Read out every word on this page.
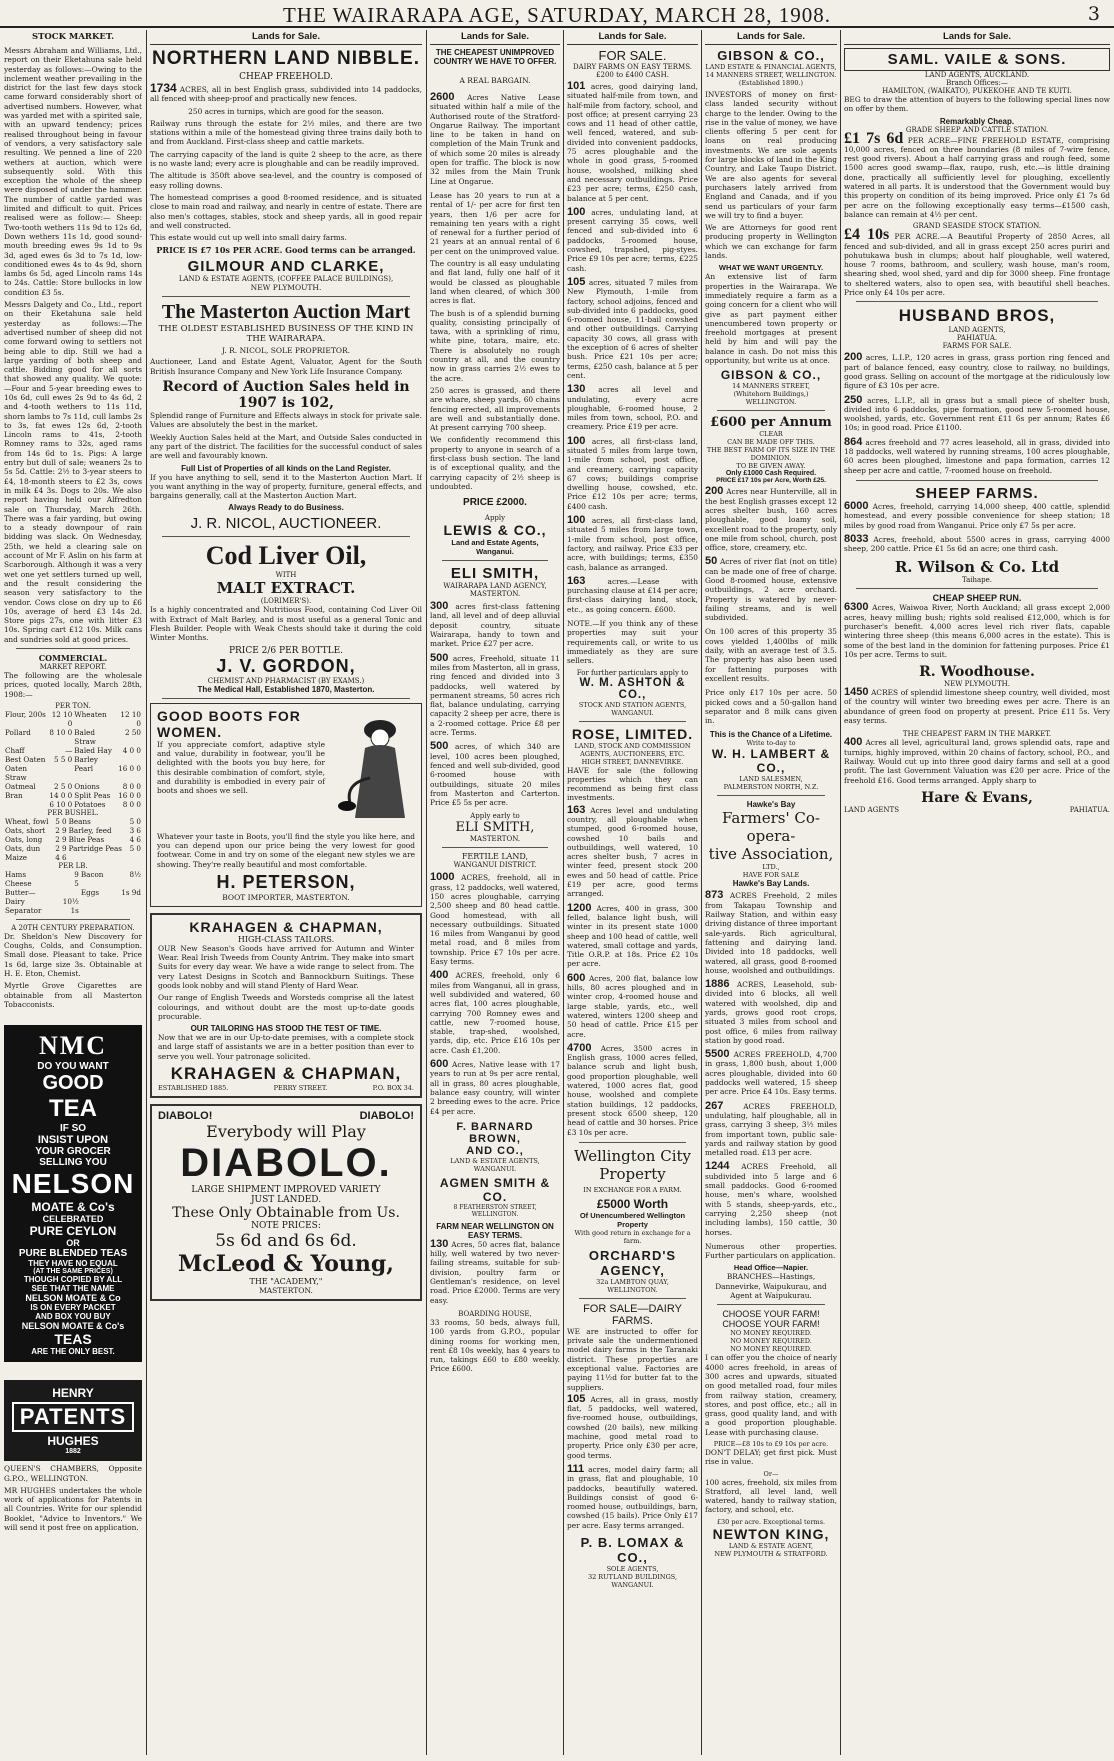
THE WAIRARAPA AGE, SATURDAY, MARCH 28, 1908.	3
STOCK MARKET.

Messrs Abraham and Williams, Ltd., report on their Eketahuna sale held yesterday as follows:—Owing to the inclement weather prevailing in the district for the last few days stock came forward considerably short of advertised numbers. However, what was yarded met with a spirited sale, with an upward tendency; prices realised throughout being in favour of vendors, a very satisfactory sale resulting. We penned a line of 220 wethers at auction, which were subsequently sold. With this exception the whole of the sheep were disposed of under the hammer. The number of cattle yarded was limited and difficult to quit. Prices realised were as follow:— Sheep: Two-tooth wethers 11s 9d to 12s 6d, Down wethers 11s 1d, good sound-mouth breeding ewes 9s 1d to 9s 3d, aged ewes 6s 3d to 7s 1d, low-conditioned ewes 4s to 4s 9d, shorn lambs 6s 5d, aged Lincoln rams 14s to 24s. Cattle: Store bullocks in low condition £3 5s.

Messrs Dalgety and Co., Ltd., report on their Eketahuna sale held yesterday as follows:—The advertised number of sheep did not come forward owing to settlers not being able to dip. Still we had a large yarding of both sheep and cattle. Bidding good for all sorts that showed any quality. We quote:—Four and 5-year breeding ewes to 10s 6d, cull ewes 2s 9d to 4s 6d, 2 and 4-tooth wethers to 11s 11d, shorn lambs to 7s 11d, cull lambs 2s to 3s, fat ewes 12s 6d, 2-tooth Lincoln rams to 41s, 2-tooth Romney rams to 32s, aged rams from 14s 6d to 1s. Pigs: A large entry but dull of sale; weaners 2s to 5s 5d. Cattle: 2½ to 3-year steers to £4, 18-month steers to £2 3s, cows in milk £4 3s. Dogs to 20s. We also report having held our Alfredton sale on Thursday, March 26th. There was a fair yarding, but owing to a steady downpour of rain bidding was slack. On Wednesday, 25th, we held a clearing sale on account of Mr F. Aslin on his farm at Scarborough. Although it was a very wet one yet settlers turned up well, and the result considering the season very satisfactory to the vendor. Cows close on dry up to £6 10s, average of herd £3 14s 2d. Store pigs 27s, one with litter £3 10s. Spring cart £12 10s. Milk cans and sundries sold at good prices.

COMMERCIAL.
MARKET REPORT.

The following are the wholesale prices, quoted locally, March 28th, 1908:—

PER TON.
Flour, 200s	12 10 0	Wheaten	12 10 0
Pollard	8 10 0	Baled Straw	2 50
Chaff	—	Baled Hay	4 0 0
Best Oaten	5 5 0	Barley	
Oaten Straw		Pearl	16 0 0
Oatmeal	2 5 0	Onions	8 0 0
Bran	14 0 0	Split Peas	16 0 0
	6 10 0	Potatoes	8 0 0
PER BUSHEL.
Wheat, fowl	5 0	Beans	5 0
Oats, short	2 9	Barley, feed	3 6
Oats, long	2 9	Blue Peas	4 6
Oats, dun	2 9	Partridge Peas	5 0
Maize	4 6		
PER LB.
Hams	9	Bacon	8½
Cheese	5		
Butter—		Eggs	1s 9d
Dairy	10½		
Separator	1s		
A 20TH CENTURY PREPARATION.

Dr. Sheldon's New Discovery for Coughs, Colds, and Consumption. Small dose. Pleasant to take. Price 1s 6d, large size 3s. Obtainable at H. E. Eton, Chemist.

Myrtle Grove Cigarettes are obtainable from all Masterton Tobacconists.

NMC
DO YOU WANT
GOOD
TEA
IF SO
INSIST UPON
YOUR GROCER
SELLING YOU
NELSON
MOATE & Co's
CELEBRATED
PURE CEYLON
OR
PURE BLENDED TEAS
THEY HAVE NO EQUAL
(AT THE SAME PRICES)
THOUGH COPIED BY ALL
SEE THAT THE NAME
NELSON MOATE & Co
IS ON EVERY PACKET
AND BOX YOU BUY
NELSON MOATE & Co's
TEAS
ARE THE ONLY BEST.
HENRY
PATENTS
HUGHES
1882

QUEEN'S CHAMBERS, Opposite G.P.O., WELLINGTON.

MR HUGHES undertakes the whole work of applications for Patents in all Countries. Write for our splendid Booklet, "Advice to Inventors." We will send it post free on application.

Lands for Sale.
NORTHERN LAND NIBBLE.
CHEAP FREEHOLD.

1734 ACRES, all in best English grass, subdivided into 14 paddocks, all fenced with sheep-proof and practically new fences.

250 acres in turnips, which are good for the season.

Railway runs through the estate for 2½ miles, and there are two stations within a mile of the homestead giving three trains daily both to and from Auckland. First-class sheep and cattle markets.

The carrying capacity of the land is quite 2 sheep to the acre, as there is no waste land; every acre is ploughable and can be readily improved.

The altitude is 350ft above sea-level, and the country is composed of easy rolling downs.

The homestead comprises a good 8-roomed residence, and is situated close to main road and railway, and nearly in centre of estate. There are also men's cottages, stables, stock and sheep yards, all in good repair and well constructed.

This estate would cut up well into small dairy farms.

PRICE IS £7 10s PER ACRE. Good terms can be arranged.
GILMOUR AND CLARKE,
LAND & ESTATE AGENTS, (COFFEE PALACE BUILDINGS),
NEW PLYMOUTH.
The Masterton Auction Mart
THE OLDEST ESTABLISHED BUSINESS OF THE KIND IN THE WAIRARAPA.
J. R. NICOL, SOLE PROPRIETOR.

Auctioneer, Land and Estate Agent, Valuator, Agent for the South British Insurance Company and New York Life Insurance Company.

Record of Auction Sales held in 1907 is 102,

Splendid range of Furniture and Effects always in stock for private sale. Values are absolutely the best in the market.

Weekly Auction Sales held at the Mart, and Outside Sales conducted in any part of the district. The facilities for the successful conduct of sales are well and favourably known.

Full List of Properties of all kinds on the Land Register.

If you have anything to sell, send it to the Masterton Auction Mart. If you want anything in the way of property, furniture, general effects, and bargains generally, call at the Masterton Auction Mart.

Always Ready to do Business.
J. R. NICOL, AUCTIONEER.
Cod Liver Oil,
WITH
MALT EXTRACT.
(LORIMER'S).

Is a highly concentrated and Nutritious Food, containing Cod Liver Oil with Extract of Malt Barley, and is most useful as a general Tonic and Flesh Builder. People with Weak Chests should take it during the cold Winter Months.

PRICE 2/6 PER BOTTLE.
J. V. GORDON,
CHEMIST AND PHARMACIST (BY EXAMS.)
The Medical Hall, Established 1870, Masterton.
GOOD BOOTS FOR
WOMEN.

If you appreciate comfort, adaptive style and value, durability in footwear, you'll be delighted with the boots you buy here, for this desirable combination of comfort, style, and durability is embodied in every pair of boots and shoes we sell.

Whatever your taste in Boots, you'll find the style you like here, and you can depend upon our price being the very lowest for good footwear. Come in and try on some of the elegant new styles we are showing. They're really beautiful and most comfortable.

H. PETERSON,
BOOT IMPORTER, MASTERTON.
KRAHAGEN & CHAPMAN,
HIGH-CLASS TAILORS.

OUR New Season's Goods have arrived for Autumn and Winter Wear. Real Irish Tweeds from County Antrim. They make into smart Suits for every day wear. We have a wide range to select from. The very Latest Designs in Scotch and Bannockburn Suitings. These goods look nobby and will stand Plenty of Hard Wear.

Our range of English Tweeds and Worsteds comprise all the latest colourings, and without doubt are the most up-to-date goods procurable.

OUR TAILORING HAS STOOD THE TEST OF TIME.

Now that we are in our Up-to-date premises, with a complete stock and large staff of assistants we are in a better position than ever to serve you well. Your patronage solicited.

KRAHAGEN & CHAPMAN,
ESTABLISHED 1885.	PERRY STREET.	P.O. BOX 34.
DIABOLO!	DIABOLO!
Everybody will Play
DIABOLO.
LARGE SHIPMENT IMPROVED VARIETY
JUST LANDED.
These Only Obtainable from Us.
NOTE PRICES:
5s 6d and 6s 6d.
McLeod & Young,
THE "ACADEMY,"
MASTERTON.
Lands for Sale.
THE CHEAPEST UNIMPROVED
COUNTRY WE HAVE TO OFFER.
A REAL BARGAIN.

2600 Acres Native Lease situated within half a mile of the Authorised route of the Stratford-Ongarue Railway. The important line to be taken in hand on completion of the Main Trunk and of which some 20 miles is already open for traffic. The block is now 32 miles from the Main Trunk Line at Ongarue.

Lease has 20 years to run at a rental of 1/- per acre for first ten years, then 1/6 per acre for remaining ten years with a right of renewal for a further period of 21 years at an annual rental of 6 per cent on the unimproved value.

The country is all easy undulating and flat land, fully one half of it would be classed as ploughable land when cleared, of which 300 acres is flat.

The bush is of a splendid burning quality, consisting principally of tawa, with a sprinkling of rimu, white pine, totara, maire, etc. There is absolutely no rough country at all, and the country now in grass carries 2½ ewes to the acre.

250 acres is grassed, and there are whare, sheep yards, 60 chains fencing erected, all improvements are well and substantially done. At present carrying 700 sheep.

We confidently recommend this property to anyone in search of a first-class bush section. The land is of exceptional quality, and the carrying capacity of 2½ sheep is undoubted.

PRICE £2000.
Apply
LEWIS & CO.,
Land and Estate Agents,
Wanganui.
ELI SMITH,
WAIRARAPA LAND AGENCY,
MASTERTON.

300 acres first-class fattening land, all level and of deep alluvial deposit country, situate Wairarapa, handy to town and market. Price £27 per acre.

500 acres, Freehold, situate 11 miles from Masterton, all in grass, ring fenced and divided into 3 paddocks, well watered by permanent streams, 50 acres rich flat, balance undulating, carrying capacity 2 sheep per acre, there is a 2-roomed cottage. Price £8 per acre. Terms.

500 acres, of which 340 are level, 100 acres been ploughed, fenced and well sub-divided, good 6-roomed house with outbuildings, situate 20 miles from Masterton and Carterton. Price £5 5s per acre.

Apply early to
ELI SMITH,
MASTERTON.
FERTILE LAND,
WANGANUI DISTRICT.

1000 ACRES, freehold, all in grass, 12 paddocks, well watered, 150 acres ploughable, carrying 2,500 sheep and 80 head cattle. Good homestead, with all necessary outbuildings. Situated 16 miles from Wanganui by good metal road, and 8 miles from township. Price £7 10s per acre. Easy terms.

400 ACRES, freehold, only 6 miles from Wanganui, all in grass, well subdivided and watered, 60 acres flat, 100 acres ploughable, carrying 700 Romney ewes and cattle, new 7-roomed house, stable, trap-shed, woolshed, yards, dip, etc. Price £16 10s per acre. Cash £1,200.

600 Acres, Native lease with 17 years to run at 9s per acre rental, all in grass, 80 acres ploughable, balance easy country, will winter 2 breeding ewes to the acre. Price £4 per acre.

F. BARNARD BROWN,
AND CO.,
LAND & ESTATE AGENTS,
WANGANUI.
AGMEN SMITH & CO.
8 FEATHERSTON STREET, WELLINGTON.
FARM NEAR WELLINGTON ON
EASY TERMS.

130 Acres, 50 acres flat, balance hilly, well watered by two never-failing streams, suitable for sub-division, poultry farm or Gentleman's residence, on level road. Price £2000. Terms are very easy.

BOARDING HOUSE,

33 rooms, 50 beds, always full, 100 yards from G.P.O., popular dining rooms for working men, rent £8 10s weekly, has 4 years to run, takings £60 to £80 weekly. Price £600.

Lands for Sale.
FOR SALE.
DAIRY FARMS ON EASY TERMS.
£200 to £400 CASH.

101 acres, good dairying land, situated half-mile from town, and half-mile from factory, school, and post office; at present carrying 23 cows and 11 head of other cattle, well fenced, watered, and sub-divided into convenient paddocks, 75 acres ploughable and the whole in good grass, 5-roomed house, woolshed, milking shed and necessary outbuildings. Price £23 per acre; terms, £250 cash, balance at 5 per cent.

100 acres, undulating land, at present carrying 35 cows, well fenced and sub-divided into 6 paddocks, 5-roomed house, cowshed, trapshed, pig-styes. Price £9 10s per acre; terms, £225 cash.

105 acres, situated 7 miles from New Plymouth, 1-mile from factory, school adjoins, fenced and sub-divided into 6 paddocks, good 6-roomed house, 11-bail cowshed and other outbuildings. Carrying capacity 30 cows, all grass with the exception of 6 acres of shelter bush. Price £21 10s per acre; terms, £250 cash, balance at 5 per cent.

130 acres all level and undulating, every acre ploughable, 6-roomed house, 2 miles from town, school, P.O. and creamery. Price £19 per acre.

100 acres, all first-class land, situated 5 miles from large town, 1-mile from school, post office, and creamery, carrying capacity 67 cows; buildings comprise dwelling house, cowshed, etc. Price £12 10s per acre; terms, £400 cash.

100 acres, all first-class land, situated 5 miles from large town, 1-mile from school, post office, factory, and railway. Price £33 per acre, with buildings; terms, £350 cash, balance as arranged.

163	acres.—Lease with purchasing clause at £14 per acre; first-class dairying land, stock, etc., as going concern. £600.

NOTE.—If you think any of these properties may suit your requirements call, or write to us immediately as they are sure sellers.

For further particulars apply to
W. M. ASHTON & CO.,
STOCK AND STATION AGENTS,
WANGANUI.
ROSE, LIMITED.
LAND, STOCK AND COMMISSION AGENTS, AUCTIONEERS, ETC.
HIGH STREET, DANNEVIRKE.

HAVE for sale (the following properties which they can recommend as being first class investments.

163 Acres level and undulating country, all ploughable when stumped, good 6-roomed house, cowshed 10 bails and outbuildings, well watered, 10 acres shelter bush, 7 acres in winter feed, present stock 200 ewes and 50 head of cattle. Price £19 per acre, good terms arranged.

1200 Acres, 400 in grass, 300 felled, balance light bush, will winter in its present state 1000 sheep and 100 head of cattle, well watered, small cottage and yards, Title O.R.P. at 18s. Price £2 10s per acre.

600 Acres, 200 flat, balance low hills, 80 acres ploughed and in winter crop, 4-roomed house and large stable, yards, etc., well watered, winters 1200 sheep and 50 head of cattle. Price £15 per acre.

4700 Acres, 3500 acres in English grass, 1000 acres felled, balance scrub and light bush, good proportion ploughable, well watered, 1000 acres flat, good house, woolshed and complete station buildings, 12 paddocks, present stock 6500 sheep, 120 head of cattle and 30 horses. Price £3 10s per acre.

Wellington City
Property
IN EXCHANGE FOR A FARM.
£5000 Worth
Of Unencumbered Wellington
Property
With good return in exchange for a farm.
ORCHARD'S AGENCY,
32a LAMBTON QUAY,
WELLINGTON.
FOR SALE—DAIRY
FARMS.

WE are instructed to offer for private sale the undermentioned model dairy farms in the Taranaki district. These properties are exceptional value. Factories are paying 11½d for butter fat to the suppliers.

105 Acres, all in grass, mostly flat, 5 paddocks, well watered, five-roomed house, outbuildings, cowshed (20 bails), new milking machine, good metal road to property. Price only £30 per acre, good terms.

111 acres, model dairy farm; all in grass, flat and ploughable, 10 paddocks, beautifully watered. Buildings consist of good 6-roomed house, outbuildings, barn, cowshed (15 bails). Price Only £17 per acre. Easy terms arranged.

P. B. LOMAX & CO.,
SOLE AGENTS,
32 RUTLAND BUILDINGS,
WANGANUI.
Lands for Sale.
GIBSON & CO.,
LAND ESTATE & FINANCIAL AGENTS,
14 MANNERS STREET, WELLINGTON.
(Established 1890.)

INVESTORS of money on first-class landed security without charge to the lender. Owing to the rise in the value of money, we have clients offering 5 per cent for loans on real producing investments. We are sole agents for large blocks of land in the King Country, and Lake Taupo District. We are also agents for several purchasers lately arrived from England and Canada, and if you send us particulars of your farm we will try to find a buyer.

We are Attorneys for good rent producing property in Wellington which we can exchange for farm lands.

WHAT WE WANT URGENTLY.

An extensive list of farm properties in the Wairarapa. We immediately require a farm as a going concern for a client who will give as part payment either unencumbered town property or freehold mortgages at present held by him and will pay the balance in cash. Do not miss this opportunity, but write us at once.

GIBSON & CO.,
14 MANNERS STREET,
(Whitehorn Buildings,)
WELLINGTON.
£600 per Annum
CLEAR
CAN BE MADE OFF THIS.
THE BEST FARM OF ITS SIZE IN THE DOMINION.
TO BE GIVEN AWAY.
Only £1000 Cash Required.
PRICE £17 10s per Acre, Worth £25.

200 Acres near Hunterville, all in the best English grasses except 12 acres shelter bush, 160 acres ploughable, good loamy soil, excellent road to the property, only one mile from school, church, post office, store, creamery, etc.

50 Acres of river flat (not on title) can be made one of free of charge. Good 8-roomed house, extensive outbuildings, 2 acre orchard. Property is watered by never-failing streams, and is well subdivided.

On 100 acres of this property 35 cows yielded 1,400lbs of milk daily, with an average test of 3.5. The property has also been used for fattening purposes with excellent results.

Price only £17 10s per acre. 50 picked cows and a 50-gallon hand separator and 8 milk cans given in.

This is the Chance of a Lifetime.
Write to-day to
W. H. LAMBERT & CO.,
LAND SALESMEN,
PALMERSTON NORTH, N.Z.
Hawke's Bay
Farmers' Co-opera-
tive Association,
LTD.,
HAVE FOR SALE
Hawke's Bay Lands.

873 ACRES Freehold, 2 miles from Takapau Township and Railway Station, and within easy driving distance of three important sale-yards. Rich agricultural, fattening and dairying land. Divided into 18 paddocks, well watered, all grass, good 8-roomed house, woolshed and outbuildings.

1886 ACRES, Leasehold, sub-divided into 6 blocks, all well watered with woolshed, dip and yards, grows good root crops, situated 3 miles from school and post office, 6 miles from railway station by good road.

5500 ACRES FREEHOLD, 4,700 in grass, 1,800 bush, about 1,000 acres ploughable, divided into 60 paddocks well watered, 15 sheep per acre. Price £4 10s. Easy terms.

267	ACRES FREEHOLD, undulating, half ploughable, all in grass, carrying 3 sheep, 3½ miles from important town, public sale-yards and railway station by good metalled road. £13 per acre.

1244 ACRES Freehold, all subdivided into 5 large and 6 small paddocks. Good 6-roomed house, men's whare, woolshed with 5 stands, sheep-yards, etc., carrying 2,250 sheep (not including lambs), 150 cattle, 30 horses.

Numerous other properties. Further particulars on application.

Head Office—Napier.

BRANCHES—Hastings, Dannevirke, Waipukurau, and Agent at Waipukurau.

CHOOSE YOUR FARM!
CHOOSE YOUR FARM!
NO MONEY REQUIRED.
NO MONEY REQUIRED.
NO MONEY REQUIRED.

I can offer you the choice of nearly 4000 acres freehold, in areas of 300 acres and upwards, situated on good metalled road, four miles from railway station, creamery, stores, and post office, etc.; all in grass, good quality land, and with a good proportion ploughable. Lease with purchasing clause.

PRICE—£8 10s to £9 10s per acre.

DON'T DELAY; get first pick. Must rise in value.

Or—

100 acres, freehold, six miles from Stratford, all level land, well watered, handy to railway station, factory, and school, etc.

£30 per acre. Exceptional terms.
NEWTON KING,
LAND & ESTATE AGENT,
NEW PLYMOUTH & STRATFORD.
Lands for Sale.
SAML. VAILE & SONS.
LAND AGENTS, AUCKLAND.
Branch Offices:—
HAMILTON, (WAIKATO), PUKEKOHE AND TE KUITI.

BEG to draw the attention of buyers to the following special lines now on offer by them.

Remarkably Cheap.
GRADE SHEEP AND CATTLE STATION.

£1 7s 6d PER ACRE—FINE FREEHOLD ESTATE, comprising 10,000 acres, fenced on three boundaries (8 miles of 7-wire fence, rest good rivers). About a half carrying grass and rough feed, some 1500 acres good swamp—flax, raupo, rush, etc.—is little draining done, practically all sufficiently level for ploughing, excellently watered in all parts. It is understood that the Government would buy this property on condition of its being improved. Price only £1 7s 6d per acre on the following exceptionally easy terms—£1500 cash, balance can remain at 4½ per cent.

GRAND SEASIDE STOCK STATION.

£4 10s PER ACRE.—A Beautiful Property of 2850 Acres, all fenced and sub-divided, and all in grass except 250 acres puriri and pohutukawa bush in clumps; about half ploughable, well watered, house 7 rooms, bathroom, and scullery, wash house, man's room, shearing shed, wool shed, yard and dip for 3000 sheep. Fine frontage to sheltered waters, also to open sea, with beautiful shell beaches. Price only £4 10s per acre.

HUSBAND BROS,
LAND AGENTS,
PAHIATUA.
FARMS FOR SALE.

200 acres, L.I.P., 120 acres in grass, grass portion ring fenced and part of balance fenced, easy country, close to railway, no buildings, good grass. Selling on account of the mortgage at the ridiculously low figure of £3 10s per acre.

250 acres, L.I.P., all in grass but a small piece of shelter bush, divided into 6 paddocks, pipe formation, good new 5-roomed house, woolshed, yards, etc. Government rent £11 6s per annum; Rates £6 10s; in good road. Price £1100.

864 acres freehold and 77 acres leasehold, all in grass, divided into 18 paddocks, well watered by running streams, 100 acres ploughable, 60 acres been ploughed, limestone and papa formation, carries 12 sheep per acre and cattle, 7-roomed house on freehold.

SHEEP FARMS.

6000 Acres, freehold, carrying 14,000 sheep, 400 cattle, splendid homestead, and every possible convenience for sheep station; 18 miles by good road from Wanganui. Price only £7 5s per acre.

8033 Acres, freehold, about 5500 acres in grass, carrying 4000 sheep, 200 cattle. Price £1 5s 6d an acre; one third cash.

R. Wilson & Co. Ltd
Taihape.
CHEAP SHEEP RUN.

6300 Acres, Waiwoa River, North Auckland; all grass except 2,000 acres, heavy milling bush; rights sold realised £12,000, which is for purchaser's benefit. 4,000 acres level rich river flats, capable wintering three sheep (this means 6,000 acres in the estate). This is some of the best land in the dominion for fattening purposes. Price £1 10s per acre. Terms to suit.

R. Woodhouse.
NEW PLYMOUTH.

1450 ACRES of splendid limestone sheep country, well divided, most of the country will winter two breeding ewes per acre. There is an abundance of green food on property at present. Price £11 5s. Very easy terms.

THE CHEAPEST FARM IN THE MARKET.

400 Acres all level, agricultural land, grows splendid oats, rape and turnips, highly improved, within 20 chains of factory, school, P.O., and Railway. Would cut up into three good dairy farms and sell at a good profit. The last Government Valuation was £20 per acre. Price of the freehold £16. Good terms arranged. Apply sharp to

Hare & Evans,
LAND AGENTS	PAHIATUA.
